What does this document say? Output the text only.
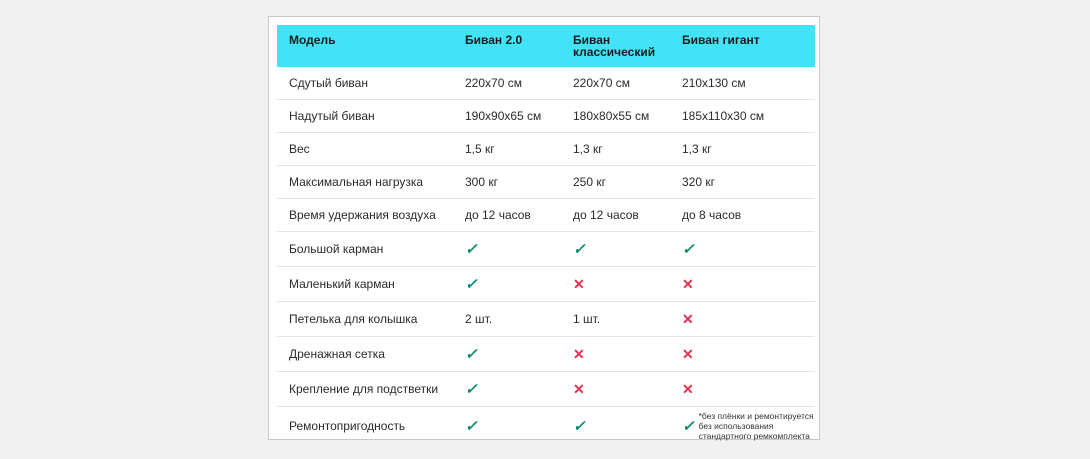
Модель	Биван 2.0	Биван классический	Биван гигант
Сдутый биван	220х70 см	220х70 см	210х130 см
Надутый биван	190х90х65 см	180х80х55 см	185х110х30 см
Вес	1,5 кг	1,3 кг	1,3 кг
Максимальная нагрузка	300 кг	250 кг	320 кг
Время удержания воздуха	до 12 часов	до 12 часов	до 8 часов
Большой карман	✓	✓	✓
Маленький карман	✓	✕	✕
Петелька для колышка	2 шт.	1 шт.	✕
Дренажная сетка	✓	✕	✕
Крепление для подстветки	✓	✕	✕
Ремонтопригодность	✓	✓	✓
*без плёнки и ремонтируется без использования стандартного ремкомплекта
